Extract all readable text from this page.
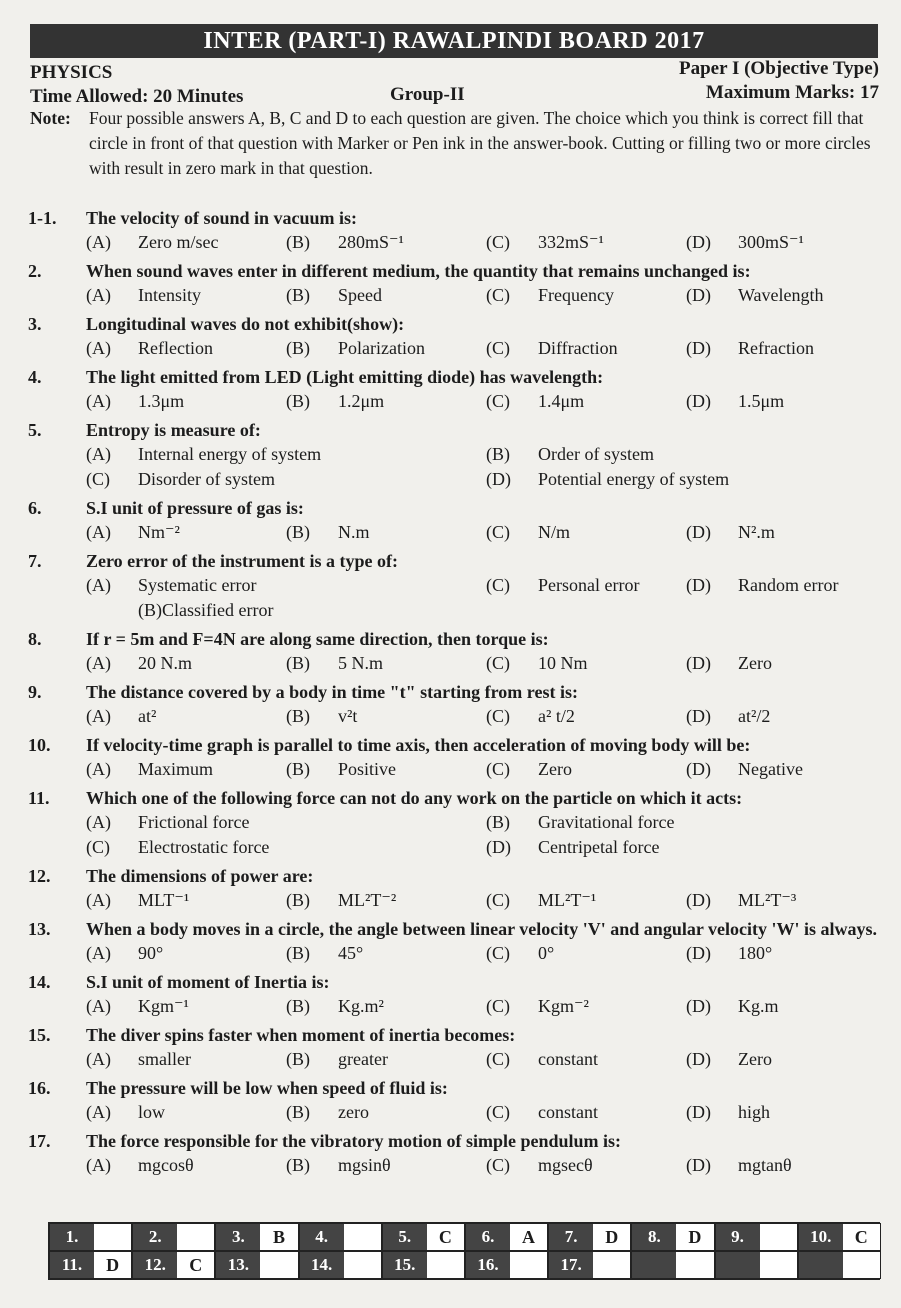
INTER (PART-I) RAWALPINDI BOARD 2017
PHYSICS	Paper I (Objective Type)
Time Allowed: 20 Minutes	Group-II	Maximum Marks: 17
Note: Four possible answers A, B, C and D to each question are given. The choice which you think is correct fill that circle in front of that question with Marker or Pen ink in the answer-book. Cutting or filling two or more circles with result in zero mark in that question.
1-1.	The velocity of sound in vacuum is:
(A)	Zero m/sec	(B)	280mS⁻¹	(C)	332mS⁻¹	(D)	300mS⁻¹
2.	When sound waves enter in different medium, the quantity that remains unchanged is:
(A)	Intensity	(B)	Speed	(C)	Frequency	(D)	Wavelength
3.	Longitudinal waves do not exhibit(show):
(A)	Reflection	(B)	Polarization	(C)	Diffraction	(D)	Refraction
4.	The light emitted from LED (Light emitting diode) has wavelength:
(A)	1.3μm	(B)	1.2μm	(C)	1.4μm	(D)	1.5μm
5.	Entropy is measure of:
(A)	Internal energy of system	(B)	Order of system
(C)	Disorder of system	(D)	Potential energy of system
6.	S.I unit of pressure of gas is:
(A)	Nm⁻²	(B)	N.m	(C)	N/m	(D)	N².m
7.	Zero error of the instrument is a type of:
(A)	Systematic error (B)Classified error
(C)	Personal error	(D)	Random error
8.	If r = 5m and F=4N are along same direction, then torque is:
(A)	20 N.m	(B)	5 N.m	(C)	10 Nm	(D)	Zero
9.	The distance covered by a body in time "t" starting from rest is:
(A)	at²	(B)	v²t	(C)	a² t/2	(D)	at²/2
10.	If velocity-time graph is parallel to time axis, then acceleration of moving body will be:
(A)	Maximum	(B)	Positive	(C)	Zero	(D)	Negative
11.	Which one of the following force can not do any work on the particle on which it acts:
(A)	Frictional force	(B)	Gravitational force
(C)	Electrostatic force	(D)	Centripetal force
12.	The dimensions of power are:
(A)	MLT⁻¹	(B)	ML²T⁻²	(C)	ML²T⁻¹	(D)	ML²T⁻³
13.	When a body moves in a circle, the angle between linear velocity 'V' and angular velocity 'W' is always.
(A)	90°	(B)	45°	(C)	0°	(D)	180°
14.	S.I unit of moment of Inertia is:
(A)	Kgm⁻¹	(B)	Kg.m²	(C)	Kgm⁻²	(D)	Kg.m
15.	The diver spins faster when moment of inertia becomes:
(A)	smaller	(B)	greater	(C)	constant	(D)	Zero
16.	The pressure will be low when speed of fluid is:
(A)	low	(B)	zero	(C)	constant	(D)	high
17.	The force responsible for the vibratory motion of simple pendulum is:
(A)	mgcosθ	(B)	mgsinθ	(C)	mgsecθ	(D)	mgtanθ
1.	2.	3.	B	4.	5.	C	6.	A	7.	D	8.	D	9.	10.	C
11.	D	12.	C	13.	14.	15.	16.	17.
